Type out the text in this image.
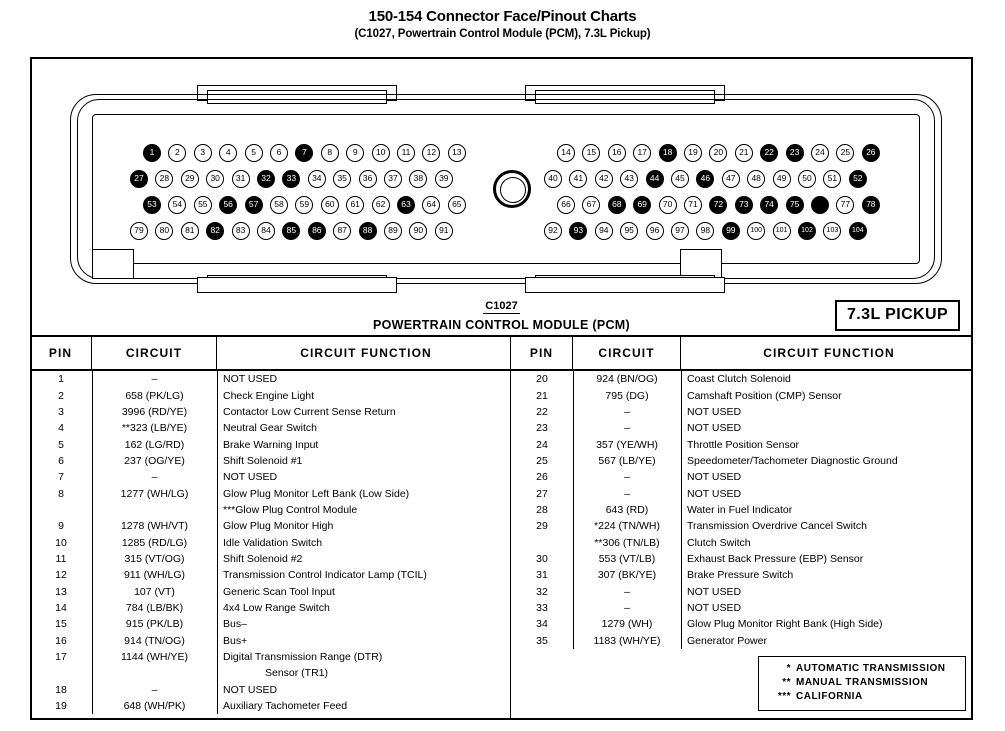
150-154 Connector Face/Pinout Charts
(C1027, Powertrain Control Module (PCM), 7.3L Pickup)
1	2	3	4	5	6	7	8	9	10	11	12	13
27	28	29	30	31	32	33	34	35	36	37	38	39
53	54	55	56	57	58	59	60	61	62	63	64	65
79	80	81	82	83	84	85	86	87	88	89	90	91
14	15	16	17	18	19	20	21	22	23	24	25	26
40	41	42	43	44	45	46	47	48	49	50	51	52
66	67	68	69	70	71	72	73	74	75	77	78
92	93	94	95	96	97	98	99	100	101	102	103	104
C1027
POWERTRAIN CONTROL MODULE (PCM)
7.3L PICKUP
PIN	CIRCUIT	CIRCUIT FUNCTION
1	–	NOT USED
2	658 (PK/LG)	Check Engine Light
3	3996 (RD/YE)	Contactor Low Current Sense Return
4	**323 (LB/YE)	Neutral Gear Switch
5	162 (LG/RD)	Brake Warning Input
6	237 (OG/YE)	Shift Solenoid #1
7	–	NOT USED
8	1277 (WH/LG)	Glow Plug Monitor Left Bank (Low Side)
***Glow Plug Control Module
9	1278 (WH/VT)	Glow Plug Monitor High
10	1285 (RD/LG)	Idle Validation Switch
11	315 (VT/OG)	Shift Solenoid #2
12	911 (WH/LG)	Transmission Control Indicator Lamp (TCIL)
13	107 (VT)	Generic Scan Tool Input
14	784 (LB/BK)	4x4 Low Range Switch
15	915 (PK/LB)	Bus–
16	914 (TN/OG)	Bus+
17	1144 (WH/YE)	Digital Transmission Range (DTR)
Sensor (TR1)
18	–	NOT USED
19	648 (WH/PK)	Auxiliary Tachometer Feed
PIN	CIRCUIT	CIRCUIT FUNCTION
20	924 (BN/OG)	Coast Clutch Solenoid
21	795 (DG)	Camshaft Position (CMP) Sensor
22	–	NOT USED
23	–	NOT USED
24	357 (YE/WH)	Throttle Position Sensor
25	567 (LB/YE)	Speedometer/Tachometer Diagnostic Ground
26	–	NOT USED
27	–	NOT USED
28	643 (RD)	Water in Fuel Indicator
29	*224 (TN/WH)	Transmission Overdrive Cancel Switch
**306 (TN/LB)	Clutch Switch
30	553 (VT/LB)	Exhaust Back Pressure (EBP) Sensor
31	307 (BK/YE)	Brake Pressure Switch
32	–	NOT USED
33	–	NOT USED
34	1279 (WH)	Glow Plug Monitor Right Bank (High Side)
35	1183 (WH/YE)	Generator Power
* AUTOMATIC TRANSMISSION
** MANUAL TRANSMISSION
*** CALIFORNIA
